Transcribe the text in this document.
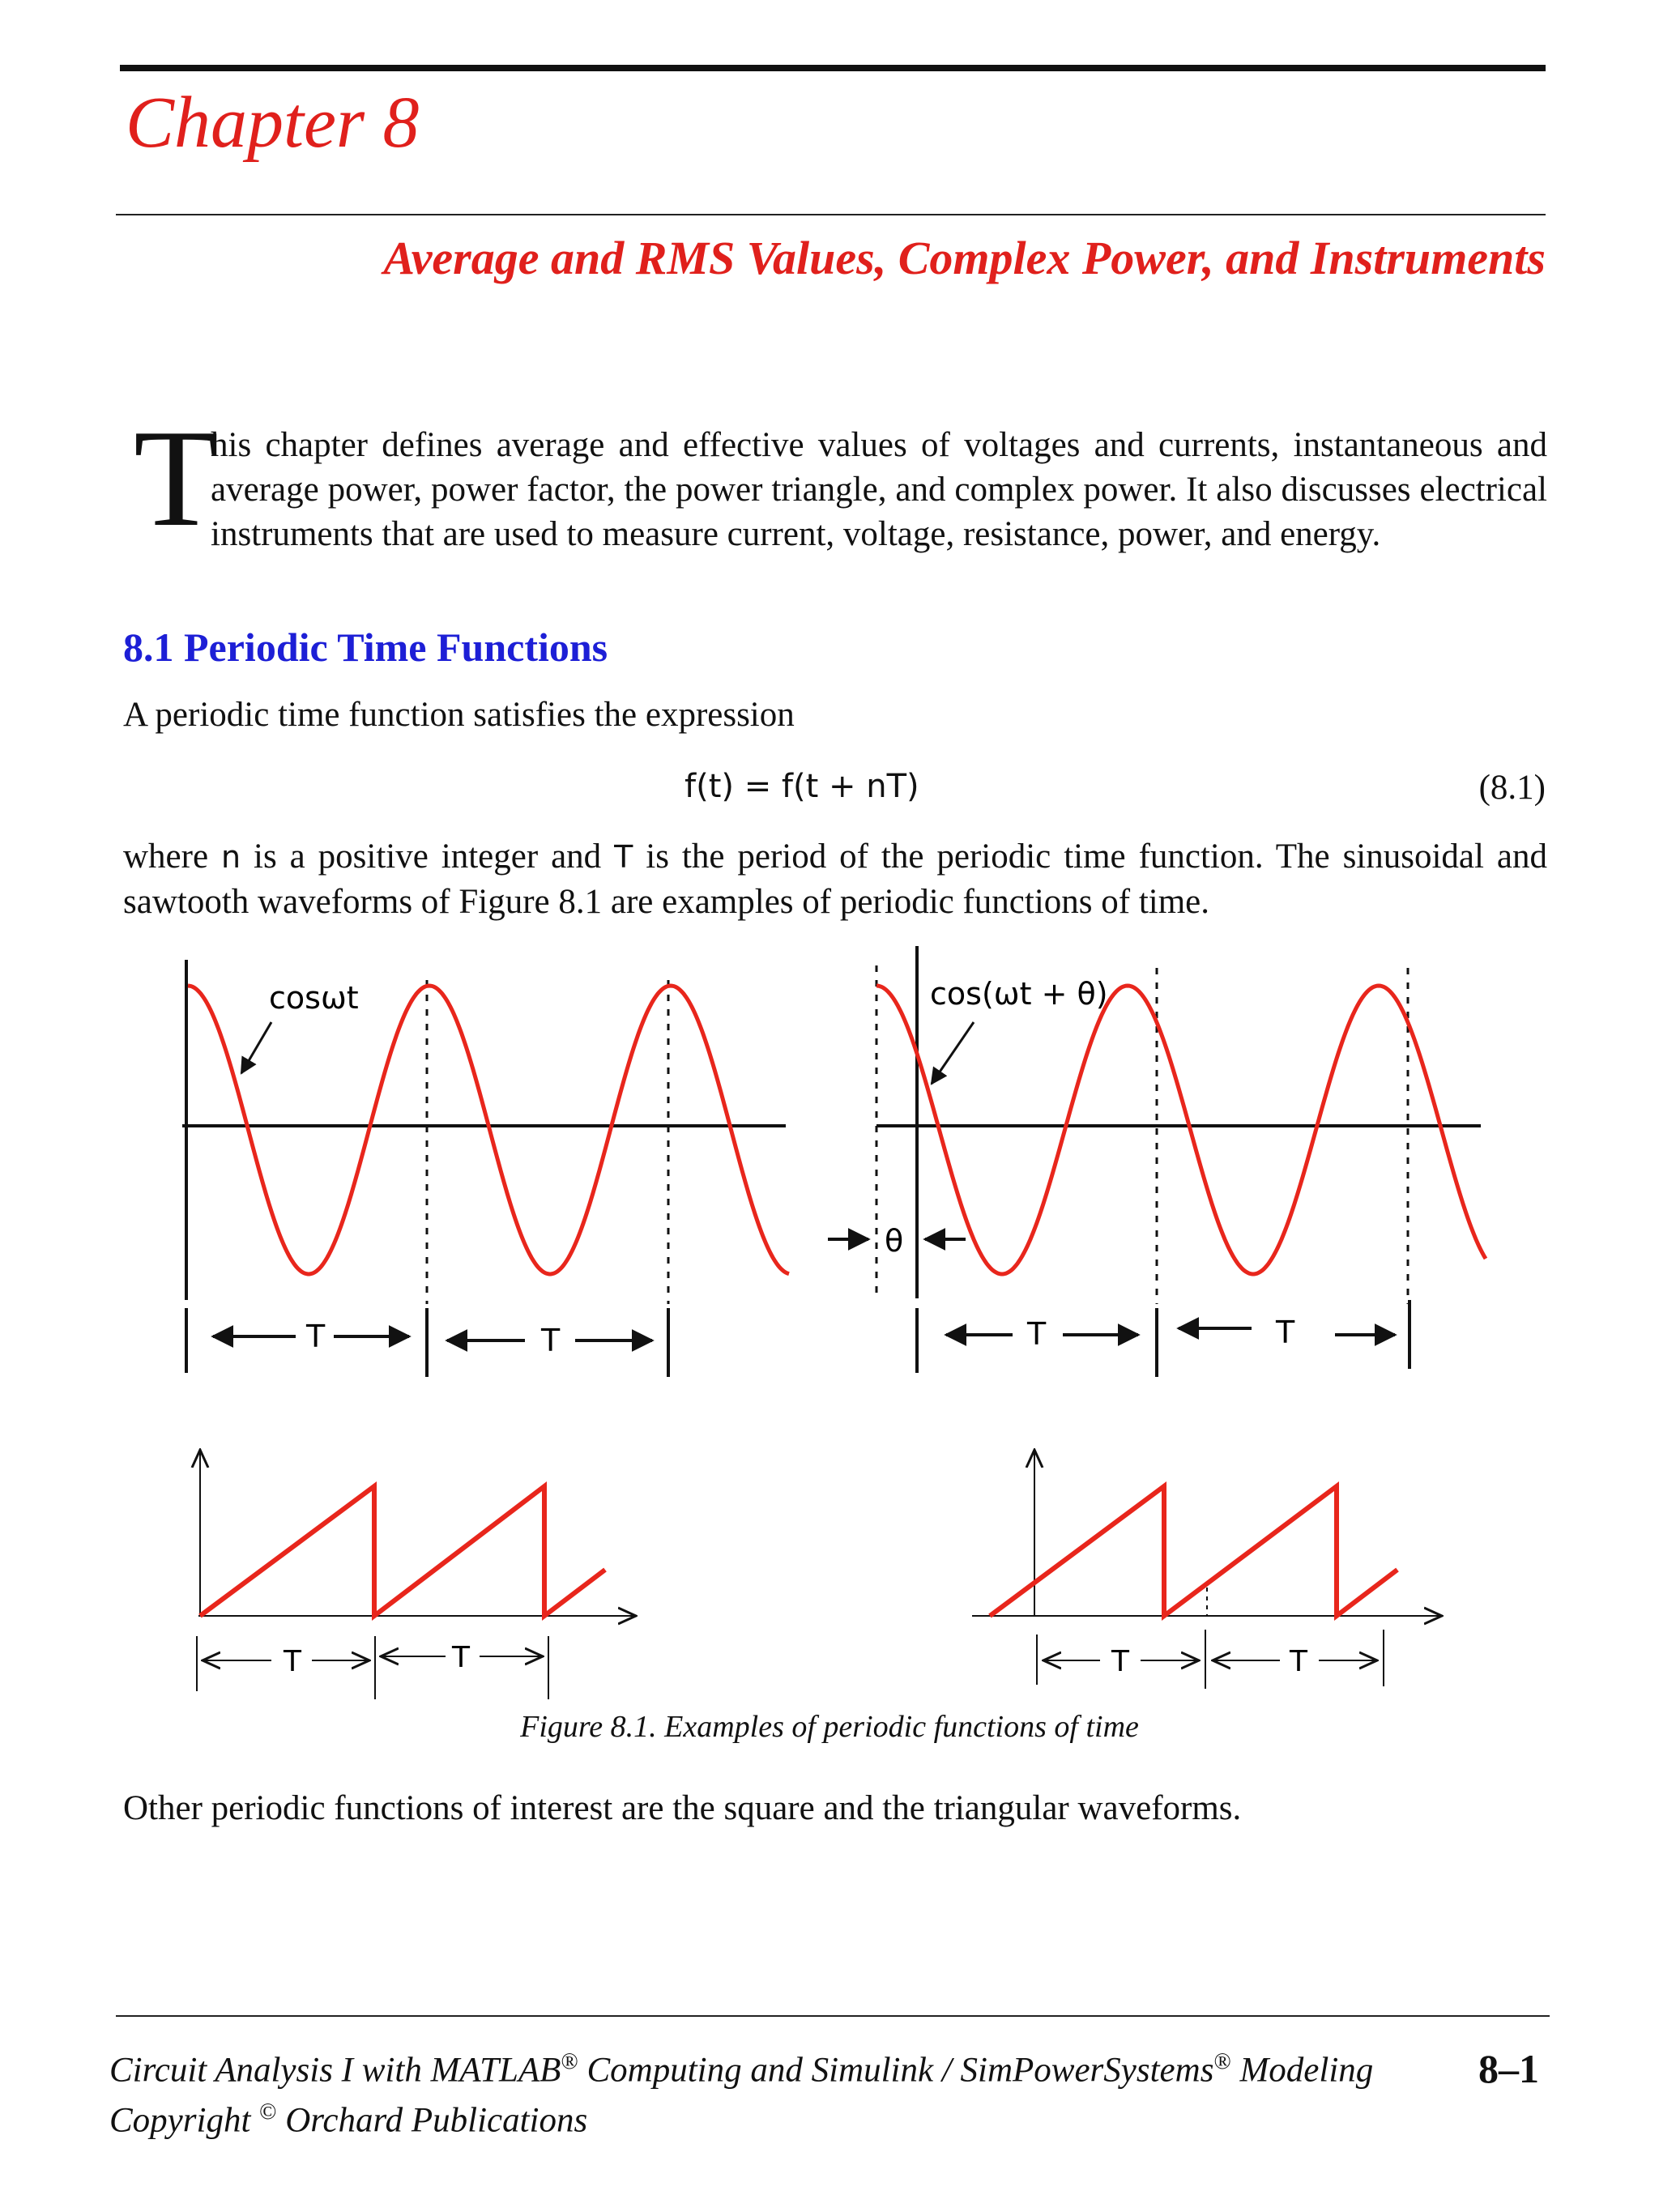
Chapter 8
Average and RMS Values, Complex Power, and Instruments
T
his chapter defines average and effective values of voltages and currents, instantaneous and average power, power factor, the power triangle, and complex power. It also discusses electrical instruments that are used to measure current, voltage, resistance, power, and energy.
8.1 Periodic Time Functions
A periodic time function satisfies the expression
f(t) = f(t + nT)	(8.1)
where n is a positive integer and T is the period of the periodic time function. The sinusoidal and sawtooth waveforms of Figure 8.1 are examples of periodic functions of time.
cosωt
T	T
cos(ωt + θ)
θ
T	T
T	T	T	T
Figure 8.1. Examples of periodic functions of time
Other periodic functions of interest are the square and the triangular waveforms.
Circuit Analysis I with MATLAB® Computing and Simulink / SimPowerSystems® Modeling
Copyright © Orchard Publications
8–1
